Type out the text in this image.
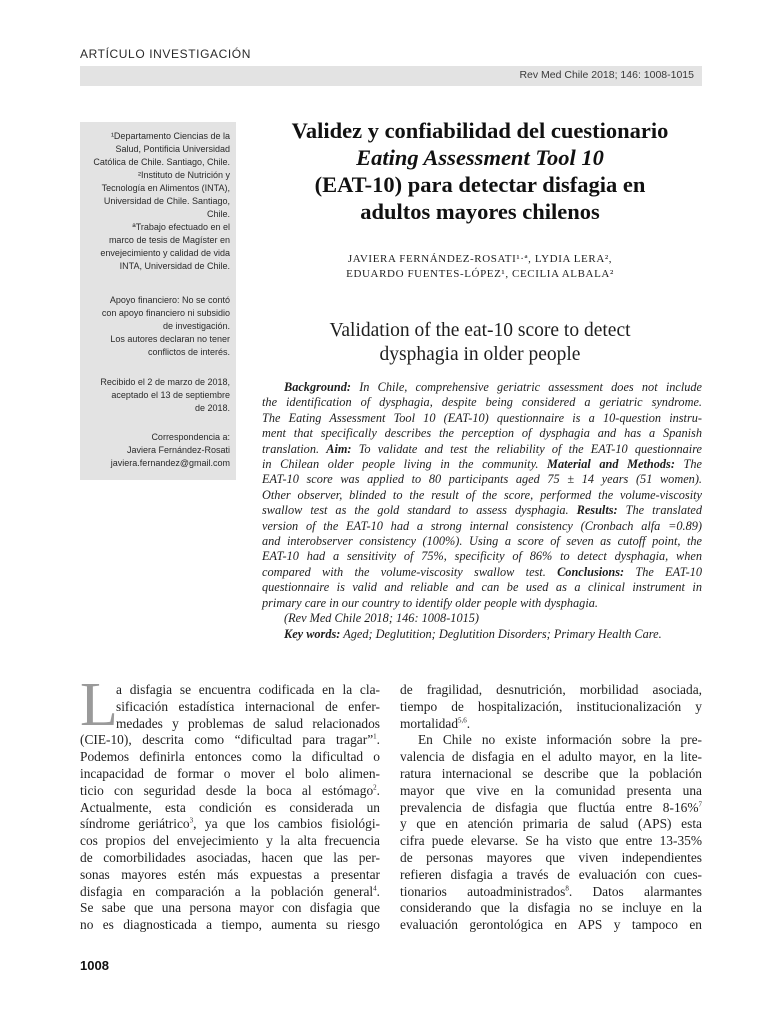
ARTÍCULO INVESTIGACIÓN
Rev Med Chile 2018; 146: 1008-1015
¹Departamento Ciencias de la
Salud, Pontificia Universidad
Católica de Chile. Santiago, Chile.
²Instituto de Nutrición y
Tecnología en Alimentos (INTA),
Universidad de Chile. Santiago,
Chile.
ªTrabajo efectuado en el
marco de tesis de Magíster en
envejecimiento y calidad de vida
INTA, Universidad de Chile.
Apoyo financiero: No se contó
con apoyo financiero ni subsidio
de investigación.
Los autores declaran no tener
conflictos de interés.
Recibido el 2 de marzo de 2018,
aceptado el 13 de septiembre
de 2018.
Correspondencia a:
Javiera Fernández-Rosati
javiera.fernandez@gmail.com
Validez y confiabilidad del cuestionario
Eating Assessment Tool 10
(EAT-10) para detectar disfagia en
adultos mayores chilenos
JAVIERA FERNÁNDEZ-ROSATI¹·ª, LYDIA LERA²,
EDUARDO FUENTES-LÓPEZ¹, CECILIA ALBALA²
Validation of the eat-10 score to detect
dysphagia in older people
Background: In Chile, comprehensive geriatric assessment does not include
the identification of dysphagia, despite being considered a geriatric syndrome.
The Eating Assessment Tool 10 (EAT-10) questionnaire is a 10-question instru-
ment that specifically describes the perception of dysphagia and has a Spanish
translation. Aim: To validate and test the reliability of the EAT-10 questionnaire
in Chilean older people living in the community. Material and Methods: The
EAT-10 score was applied to 80 participants aged 75 ± 14 years (51 women).
Other observer, blinded to the result of the score, performed the volume-viscosity
swallow test as the gold standard to assess dysphagia. Results: The translated
version of the EAT-10 had a strong internal consistency (Cronbach alfa =0.89)
and interobserver consistency (100%). Using a score of seven as cutoff point, the
EAT-10 had a sensitivity of 75%, specificity of 86% to detect dysphagia, when
compared with the volume-viscosity swallow test. Conclusions: The EAT-10
questionnaire is valid and reliable and can be used as a clinical instrument in
primary care in our country to identify older people with dysphagia.
(Rev Med Chile 2018; 146: 1008-1015)
Key words: Aged; Deglutition; Deglutition Disorders; Primary Health Care.
L
a disfagia se encuentra codificada en la cla-
sificación estadística internacional de enfer-
medades y problemas de salud relacionados
(CIE-10), descrita como “dificultad para tragar”$^1$.
Podemos definirla entonces como la dificultad o
incapacidad de formar o mover el bolo alimen-
ticio con seguridad desde la boca al estómago$^2$.
Actualmente, esta condición es considerada un
síndrome geriátrico$^3$, ya que los cambios fisiológi-
cos propios del envejecimiento y la alta frecuencia
de comorbilidades asociadas, hacen que las per-
sonas mayores estén más expuestas a presentar
disfagia en comparación a la población general$^4$.
Se sabe que una persona mayor con disfagia que
no es diagnosticada a tiempo, aumenta su riesgo
de fragilidad, desnutrición, morbilidad asociada,
tiempo de hospitalización, institucionalización y
mortalidad$^{5,6}$.
En Chile no existe información sobre la pre-
valencia de disfagia en el adulto mayor, en la lite-
ratura internacional se describe que la población
mayor que vive en la comunidad presenta una
prevalencia de disfagia que fluctúa entre 8-16%$^7$
y que en atención primaria de salud (APS) esta
cifra puede elevarse. Se ha visto que entre 13-35%
de personas mayores que viven independientes
refieren disfagia a través de evaluación con cues-
tionarios autoadministrados$^8$. Datos alarmantes
considerando que la disfagia no se incluye en la
evaluación gerontológica en APS y tampoco en
1008
